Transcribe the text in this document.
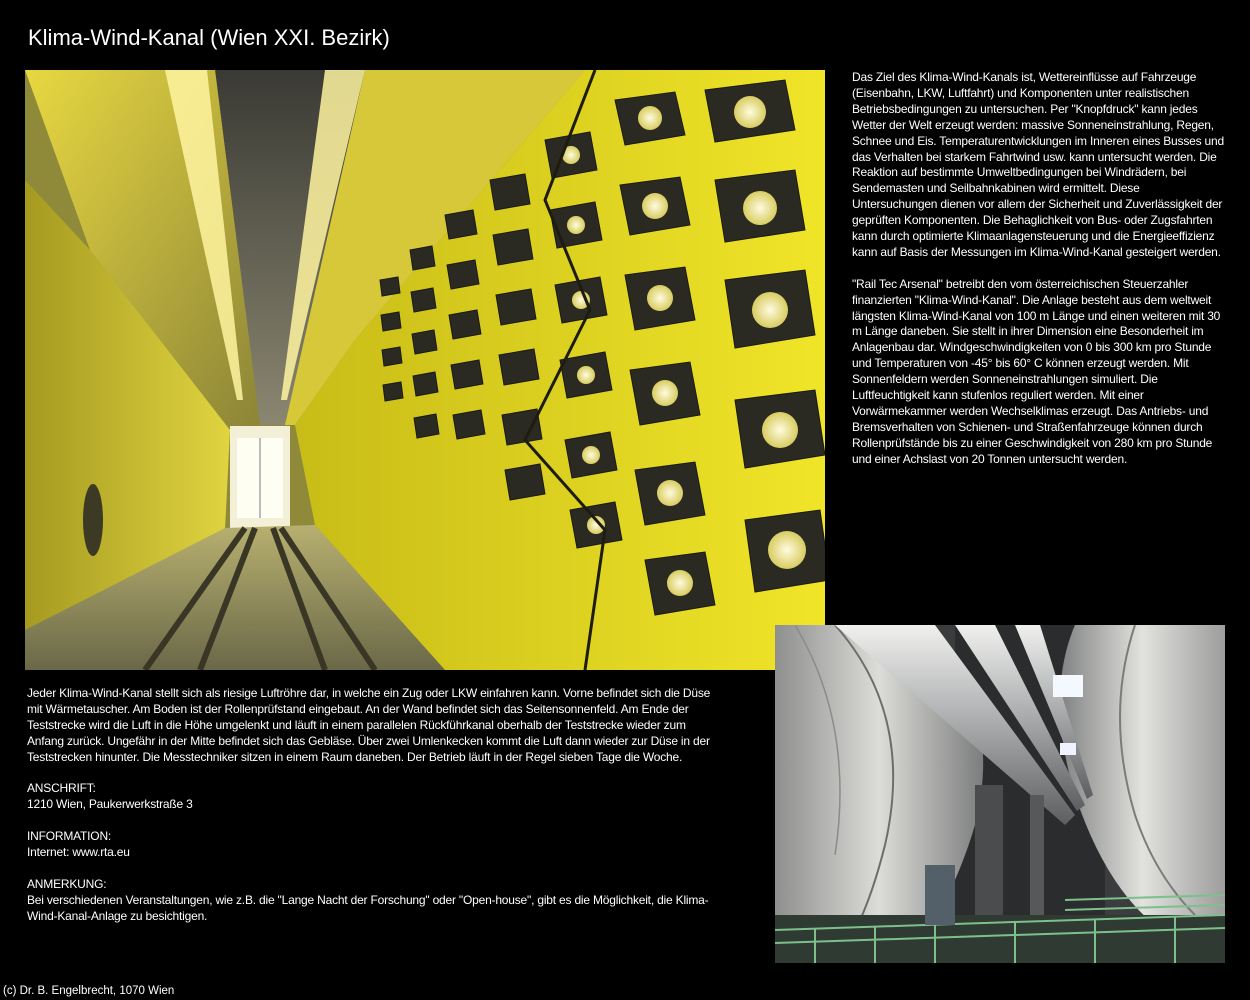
Klima-Wind-Kanal (Wien XXI. Bezirk)

Das Ziel des Klima-Wind-Kanals ist, Wettereinflüsse auf Fahrzeuge (Eisenbahn, LKW, Luftfahrt) und Komponenten unter realistischen Betriebsbedingungen zu untersuchen. Per "Knopfdruck" kann jedes Wetter der Welt erzeugt werden: massive Sonneneinstrahlung, Regen, Schnee und Eis. Temperaturentwicklungen im Inneren eines Busses und das Verhalten bei starkem Fahrtwind usw. kann untersucht werden. Die Reaktion auf bestimmte Umweltbedingungen bei Windrädern, bei Sendemasten und Seilbahnkabinen wird ermittelt. Diese Untersuchungen dienen vor allem der Sicherheit und Zuverlässigkeit der geprüften Komponenten. Die Behaglichkeit von Bus- oder Zugsfahrten kann durch optimierte Klimaanlagensteuerung und die Energieeffizienz kann auf Basis der Messungen im Klima-Wind-Kanal gesteigert werden.

"Rail Tec Arsenal" betreibt den vom österreichischen Steuerzahler finanzierten "Klima-Wind-Kanal". Die Anlage besteht aus dem weltweit längsten Klima-Wind-Kanal von 100 m Länge und einen weiteren mit 30 m Länge daneben. Sie stellt in ihrer Dimension eine Besonderheit im Anlagenbau dar. Windgeschwindigkeiten von 0 bis 300 km pro Stunde und Temperaturen von -45° bis 60° C können erzeugt werden. Mit Sonnenfeldern werden Sonneneinstrahlungen simuliert. Die Luftfeuchtigkeit kann stufenlos reguliert werden. Mit einer Vorwärmekammer werden Wechselklimas erzeugt. Das Antriebs- und Bremsverhalten von Schienen- und Straßenfahrzeuge können durch Rollenprüfstände bis zu einer Geschwindigkeit von 280 km pro Stunde und einer Achslast von 20 Tonnen untersucht werden.

Jeder Klima-Wind-Kanal stellt sich als riesige Luftröhre dar, in welche ein Zug oder LKW einfahren kann. Vorne befindet sich die Düse mit Wärmetauscher. Am Boden ist der Rollenprüfstand eingebaut. An der Wand befindet sich das Seitensonnenfeld. Am Ende der Teststrecke wird die Luft in die Höhe umgelenkt und läuft in einem parallelen Rückführkanal oberhalb der Teststrecke wieder zum Anfang zurück. Ungefähr in der Mitte befindet sich das Gebläse. Über zwei Umlenkecken kommt die Luft dann wieder zur Düse in der Teststrecken hinunter. Die Messtechniker sitzen in einem Raum daneben. Der Betrieb läuft in der Regel sieben Tage die Woche.

ANSCHRIFT:
1210 Wien, Paukerwerkstraße 3

INFORMATION:
Internet: www.rta.eu

ANMERKUNG:
Bei verschiedenen Veranstaltungen, wie z.B. die "Lange Nacht der Forschung" oder "Open-house", gibt es die Möglichkeit, die Klima-Wind-Kanal-Anlage zu besichtigen.

(c) Dr. B. Engelbrecht, 1070 Wien
